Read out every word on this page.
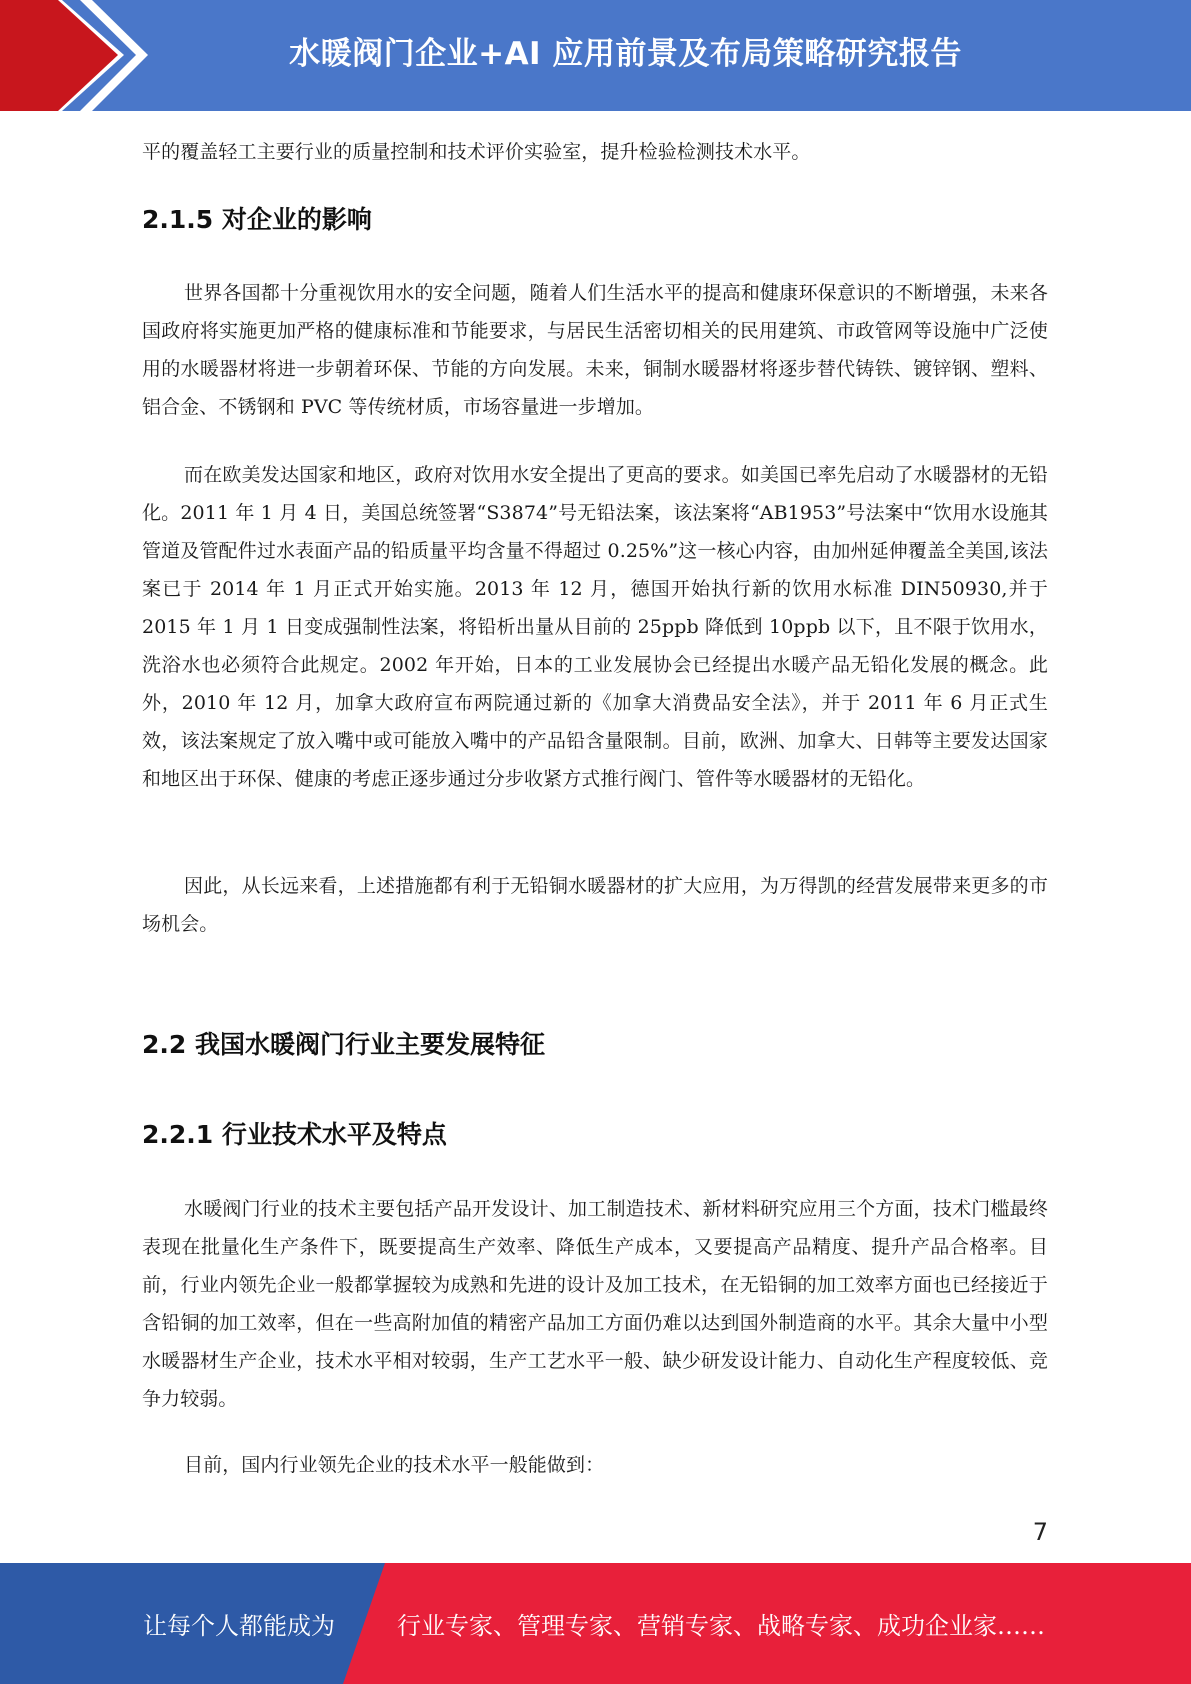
水暖阀门企业+AI 应用前景及布局策略研究报告

平的覆盖轻工主要行业的质量控制和技术评价实验室，提升检验检测技术水平。

2.1.5 对企业的影响

世界各国都十分重视饮用水的安全问题，随着人们生活水平的提高和健康环保意识的不断增强，未来各国政府将实施更加严格的健康标准和节能要求，与居民生活密切相关的民用建筑、市政管网等设施中广泛使用的水暖器材将进一步朝着环保、节能的方向发展。未来，铜制水暖器材将逐步替代铸铁、镀锌钢、塑料、铝合金、不锈钢和 PVC 等传统材质，市场容量进一步增加。

而在欧美发达国家和地区，政府对饮用水安全提出了更高的要求。如美国已率先启动了水暖器材的无铅化。2011 年 1 月 4 日，美国总统签署“S3874”号无铅法案，该法案将“AB1953”号法案中“饮用水设施其管道及管配件过水表面产品的铅质量平均含量不得超过 0.25%”这一核心内容，由加州延伸覆盖全美国,该法案已于 2014 年 1 月正式开始实施。2013 年 12 月，德国开始执行新的饮用水标准 DIN50930,并于 2015 年 1 月 1 日变成强制性法案，将铅析出量从目前的 25ppb 降低到 10ppb 以下，且不限于饮用水，洗浴水也必须符合此规定。2002 年开始，日本的工业发展协会已经提出水暖产品无铅化发展的概念。此外，2010 年 12 月，加拿大政府宣布两院通过新的《加拿大消费品安全法》，并于 2011 年 6 月正式生效，该法案规定了放入嘴中或可能放入嘴中的产品铅含量限制。目前，欧洲、加拿大、日韩等主要发达国家和地区出于环保、健康的考虑正逐步通过分步收紧方式推行阀门、管件等水暖器材的无铅化。

因此，从长远来看，上述措施都有利于无铅铜水暖器材的扩大应用，为万得凯的经营发展带来更多的市场机会。

2.2 我国水暖阀门行业主要发展特征
2.2.1 行业技术水平及特点

水暖阀门行业的技术主要包括产品开发设计、加工制造技术、新材料研究应用三个方面，技术门槛最终表现在批量化生产条件下，既要提高生产效率、降低生产成本，又要提高产品精度、提升产品合格率。目前，行业内领先企业一般都掌握较为成熟和先进的设计及加工技术，在无铅铜的加工效率方面也已经接近于含铅铜的加工效率，但在一些高附加值的精密产品加工方面仍难以达到国外制造商的水平。其余大量中小型水暖器材生产企业，技术水平相对较弱，生产工艺水平一般、缺少研发设计能力、自动化生产程度较低、竞争力较弱。

目前，国内行业领先企业的技术水平一般能做到：

7
让每个人都能成为	行业专家、管理专家、营销专家、战略专家、成功企业家……
